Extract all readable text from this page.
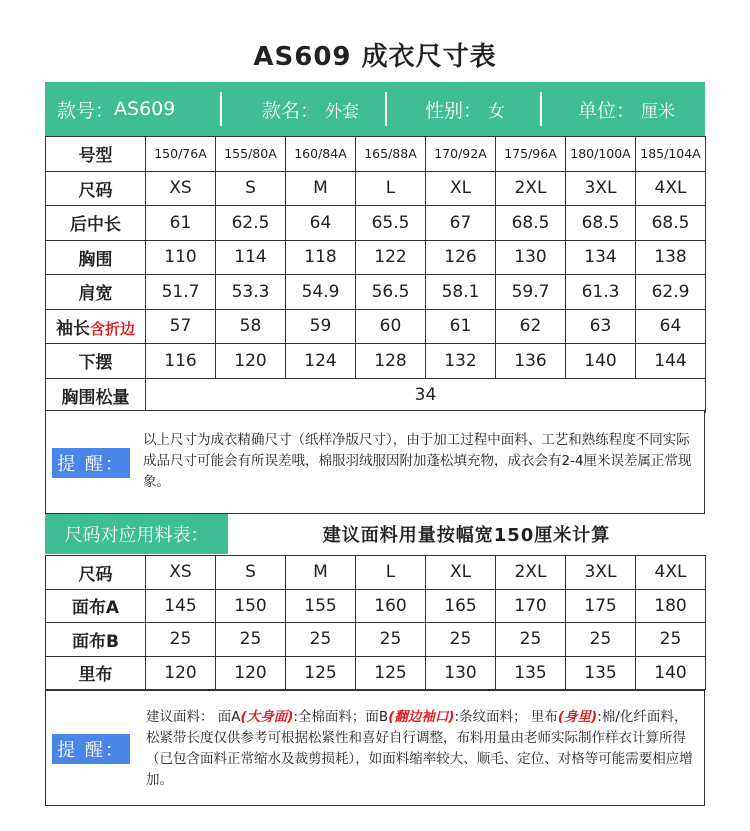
AS609 成衣尺寸表
款号： AS609	款名： 外套	性别： 女	单位： 厘米
号型	150/76A	155/80A	160/84A	165/88A	170/92A	175/96A	180/100A	185/104A
尺码	XS	S	M	L	XL	2XL	3XL	4XL
后中长	61	62.5	64	65.5	67	68.5	68.5	68.5
胸围	110	114	118	122	126	130	134	138
肩宽	51.7	53.3	54.9	56.5	58.1	59.7	61.3	62.9
袖长含折边	57	58	59	60	61	62	63	64
下摆	116	120	124	128	132	136	140	144
胸围松量	34							
提 醒：
以上尺寸为成衣精确尺寸（纸样净版尺寸），由于加工过程中面料、工艺和熟练程度不同实际成品尺寸可能会有所误差哦，棉服羽绒服因附加蓬松填充物，成衣会有2-4厘米误差属正常现象。
尺码对应用料表：	建议面料用量按幅宽150厘米计算
尺码	XS	S	M	L	XL	2XL	3XL	4XL
面布A	145	150	155	160	165	170	175	180
面布B	25	25	25	25	25	25	25	25
里布	120	120	125	125	130	135	135	140
提 醒：
建议面料： 面A(大身面):全棉面料；面B(翻边袖口):条纹面料； 里布(身里):棉/化纤面料，松紧带长度仅供参考可根据松紧性和喜好自行调整，布料用量由老师实际制作样衣计算所得（已包含面料正常缩水及裁剪损耗），如面料缩率较大、顺毛、定位、对格等可能需要相应增加。
